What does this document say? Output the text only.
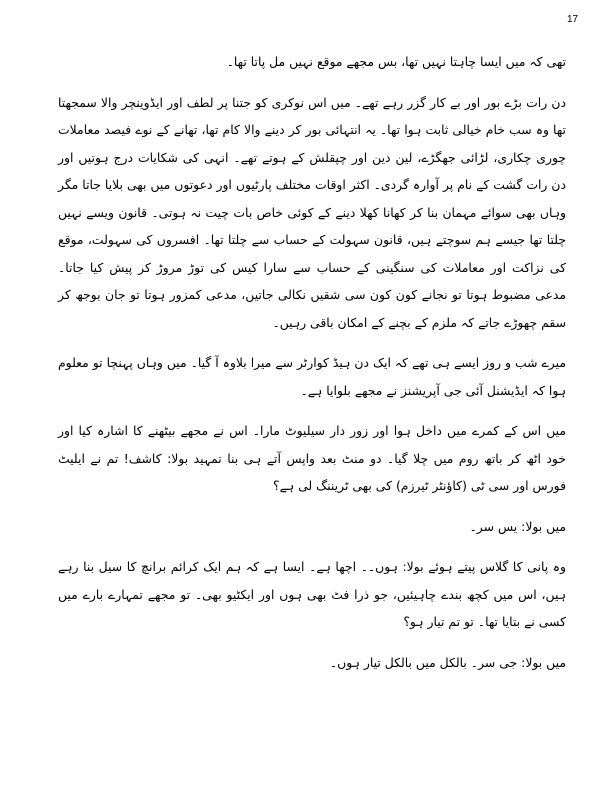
17

تھی کہ میں ایسا چاہتا نہیں تھا، بس مجھے موقع نہیں مل پاتا تھا۔

دن رات بڑے بور اور بے کار گزر رہے تھے۔ میں اس نوکری کو جتنا پر لطف اور ایڈوینچر والا سمجھتا تھا وہ سب خام خیالی ثابت ہوا تھا۔ یہ انتہائی بور کر دینے والا کام تھا، تھانے کے نوے فیصد معاملات چوری چکاری، لڑائی جھگڑے، لین دین اور چپقلش کے ہوتے تھے۔ انہی کی شکایات درج ہوتیں اور دن رات گشت کے نام پر آوارہ گردی۔ اکثر اوقات مختلف پارٹیوں اور دعوتوں میں بھی بلایا جاتا مگر وہاں بھی سوائے مہمان بنا کر کھانا کھلا دینے کے کوئی خاص بات چیت نہ ہوتی۔ قانون ویسے نہیں چلتا تھا جیسے ہم سوچتے ہیں، قانون سہولت کے حساب سے چلتا تھا۔ افسروں کی سہولت، موقع کی نزاکت اور معاملات کی سنگینی کے حساب سے سارا کیس کی توڑ مروڑ کر پیش کیا جاتا۔ مدعی مضبوط ہوتا تو نجانے کون کون سی شقیں نکالی جاتیں، مدعی کمزور ہوتا تو جان بوجھ کر سقم چھوڑے جاتے کہ ملزم کے بچنے کے امکان باقی رہیں۔

میرے شب و روز ایسے ہی تھے کہ ایک دن ہیڈ کوارٹر سے میرا بلاوہ آ گیا۔ میں وہاں پہنچا تو معلوم ہوا کہ ایڈیشنل آئی جی آپریشنز نے مجھے بلوایا ہے۔

میں اس کے کمرے میں داخل ہوا اور زور دار سیلیوٹ مارا۔ اس نے مجھے بیٹھنے کا اشارہ کیا اور خود اٹھ کر باتھ روم میں چلا گیا۔ دو منٹ بعد واپس آتے ہی بنا تمہید بولا: کاشف! تم نے ایلیٹ فورس اور سی ٹی (کاؤنٹر ٹیرزم) کی بھی ٹریننگ لی ہے؟

میں بولا: یس سر۔

وہ پانی کا گلاس پیتے ہوئے بولا: ہوں۔۔ اچھا ہے۔ ایسا ہے کہ ہم ایک کرائم برانچ کا سیل بنا رہے ہیں، اس میں کچھ بندے چاہیئیں، جو ذرا فٹ بھی ہوں اور ایکٹیو بھی۔ تو مجھے تمہارے بارے میں کسی نے بتایا تھا۔ تو تم تیار ہو؟

میں بولا: جی سر۔ بالکل میں بالکل تیار ہوں۔
